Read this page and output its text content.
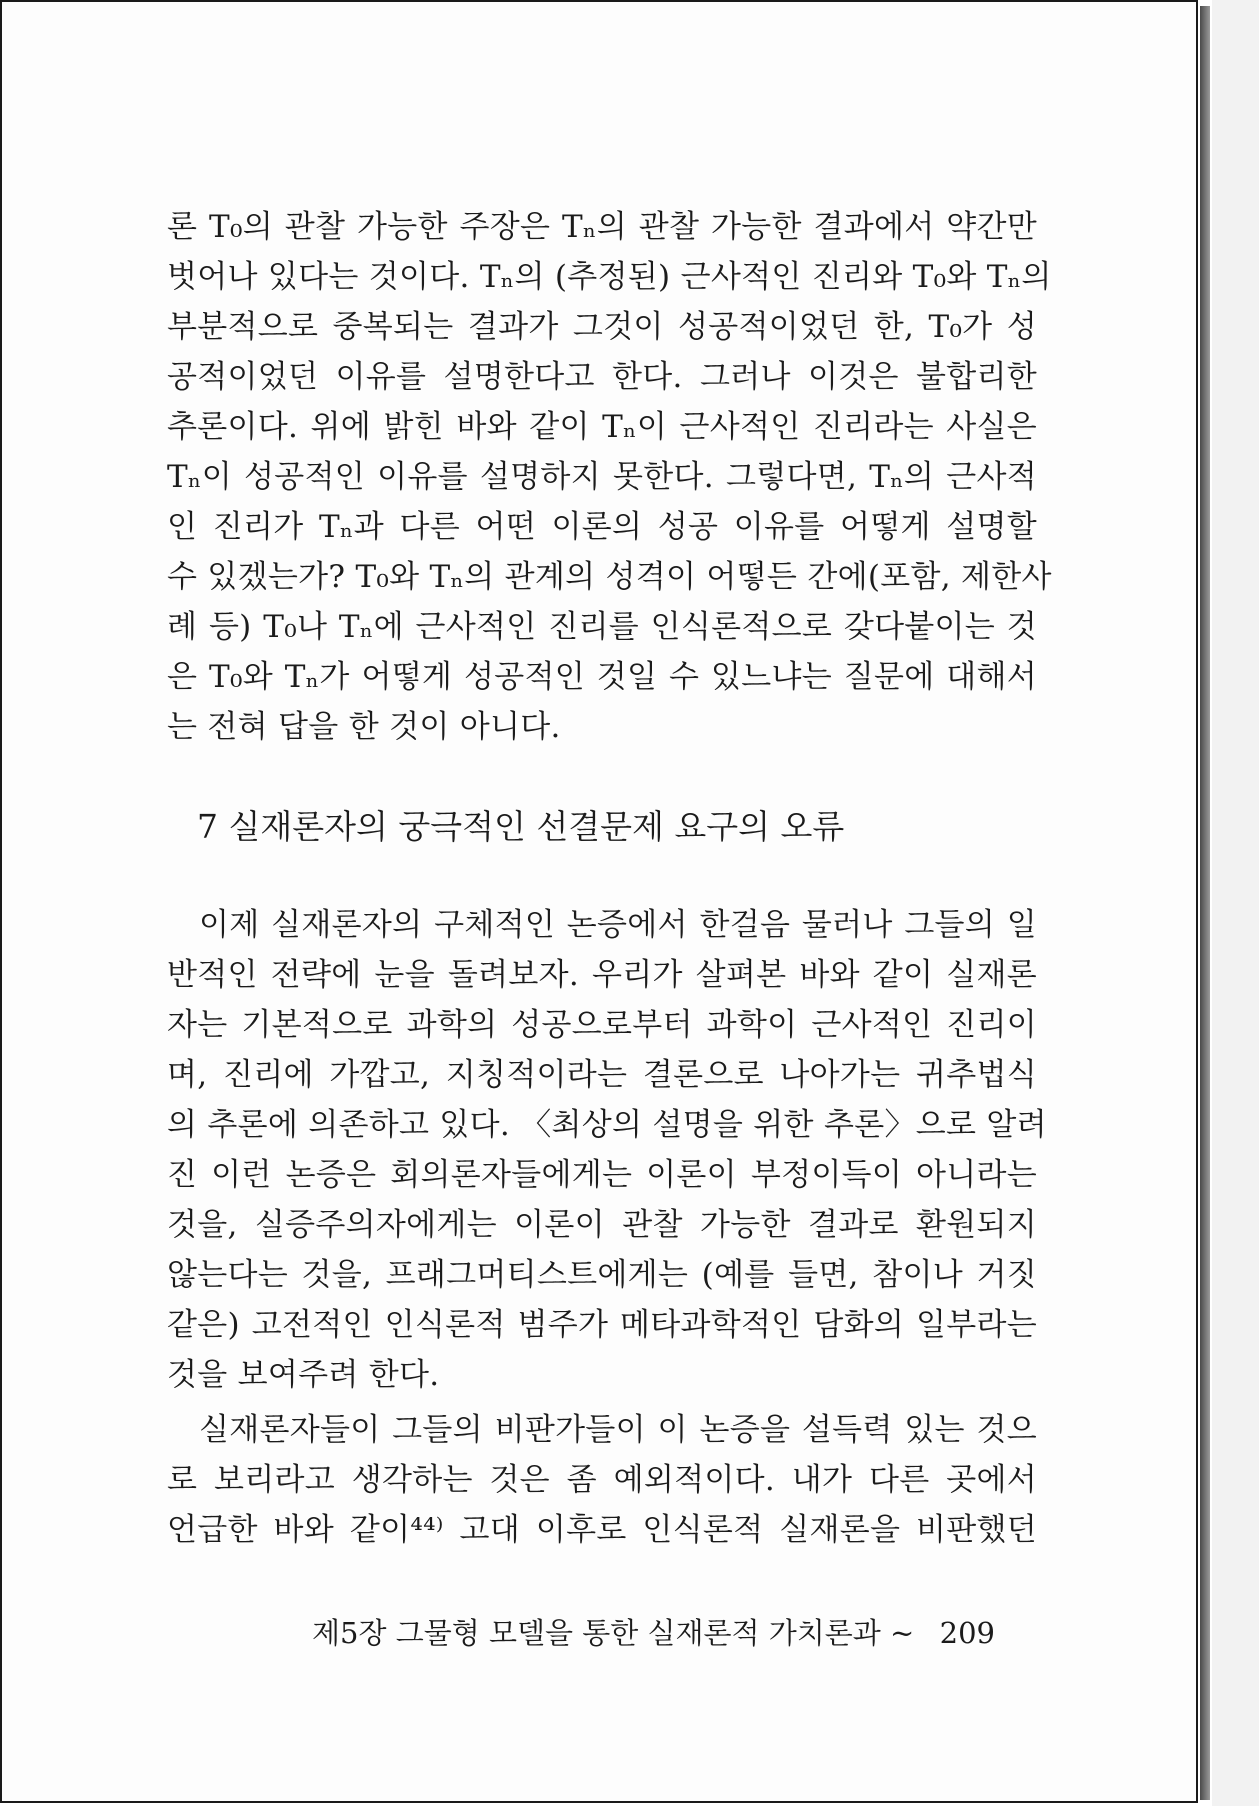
론 T₀의 관찰 가능한 주장은 Tₙ의 관찰 가능한 결과에서 약간만
벗어나 있다는 것이다. Tₙ의 (추정된) 근사적인 진리와 T₀와 Tₙ의
부분적으로 중복되는 결과가 그것이 성공적이었던 한, T₀가 성
공적이었던 이유를 설명한다고 한다. 그러나 이것은 불합리한
추론이다. 위에 밝힌 바와 같이 Tₙ이 근사적인 진리라는 사실은
Tₙ이 성공적인 이유를 설명하지 못한다. 그렇다면, Tₙ의 근사적
인 진리가 Tₙ과 다른 어떤 이론의 성공 이유를 어떻게 설명할
수 있겠는가? T₀와 Tₙ의 관계의 성격이 어떻든 간에(포함, 제한사
례 등) T₀나 Tₙ에 근사적인 진리를 인식론적으로 갖다붙이는 것
은 T₀와 Tₙ가 어떻게 성공적인 것일 수 있느냐는 질문에 대해서
는 전혀 답을 한 것이 아니다.
7 실재론자의 궁극적인 선결문제 요구의 오류
이제 실재론자의 구체적인 논증에서 한걸음 물러나 그들의 일
반적인 전략에 눈을 돌려보자. 우리가 살펴본 바와 같이 실재론
자는 기본적으로 과학의 성공으로부터 과학이 근사적인 진리이
며, 진리에 가깝고, 지칭적이라는 결론으로 나아가는 귀추법식
의 추론에 의존하고 있다. 〈최상의 설명을 위한 추론〉으로 알려
진 이런 논증은 회의론자들에게는 이론이 부정이득이 아니라는
것을, 실증주의자에게는 이론이 관찰 가능한 결과로 환원되지
않는다는 것을, 프래그머티스트에게는 (예를 들면, 참이나 거짓
같은) 고전적인 인식론적 범주가 메타과학적인 담화의 일부라는
것을 보여주려 한다.
실재론자들이 그들의 비판가들이 이 논증을 설득력 있는 것으
로 보리라고 생각하는 것은 좀 예외적이다. 내가 다른 곳에서
언급한 바와 같이⁴⁴⁾ 고대 이후로 인식론적 실재론을 비판했던
제5장 그물형 모델을 통한 실재론적 가치론과 ~ 209
